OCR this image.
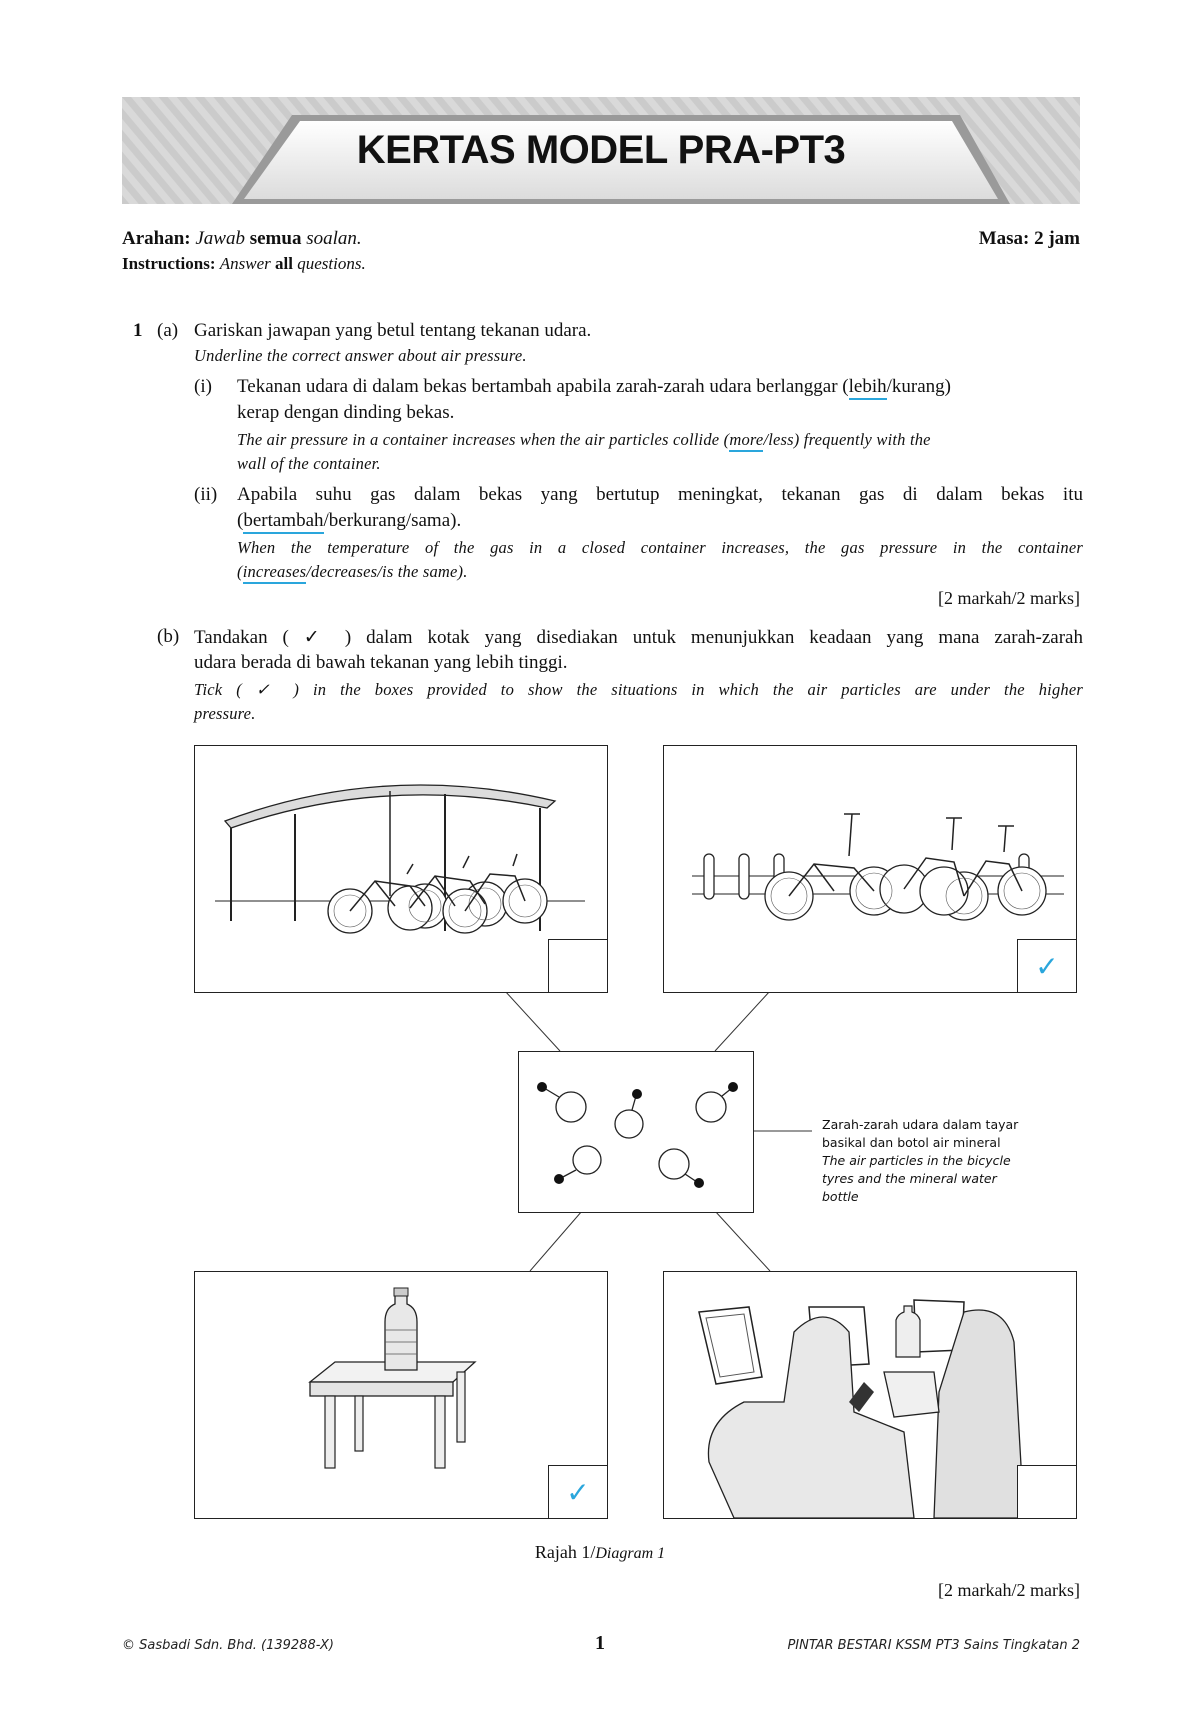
KERTAS MODEL PRA-PT3
Arahan: Jawab semua soalan.	Masa: 2 jam
Instructions: Answer all questions.
1 (a) Gariskan jawapan yang betul tentang tekanan udara.
Underline the correct answer about air pressure.
(i) Tekanan udara di dalam bekas bertambah apabila zarah-zarah udara berlanggar (lebih/kurang)
kerap dengan dinding bekas.
The air pressure in a container increases when the air particles collide (more/less) frequently with the
wall of the container.
(ii) Apabila suhu gas dalam bekas yang bertutup meningkat, tekanan gas di dalam bekas itu
(bertambah/berkurang/sama).
When the temperature of the gas in a closed container increases, the gas pressure in the container
(increases/decreases/is the same).
[2 markah/2 marks]
(b) Tandakan ( ✓ ) dalam kotak yang disediakan untuk menunjukkan keadaan yang mana zarah-zarah
udara berada di bawah tekanan yang lebih tinggi.
Tick ( ✓ ) in the boxes provided to show the situations in which the air particles are under the higher
pressure.
✓
Zarah-zarah udara dalam tayar basikal dan botol air mineral
The air particles in the bicycle tyres and the mineral water bottle
✓
Rajah 1/Diagram 1
[2 markah/2 marks]
© Sasbadi Sdn. Bhd. (139288-X)	1	PINTAR BESTARI KSSM PT3 Sains Tingkatan 2
